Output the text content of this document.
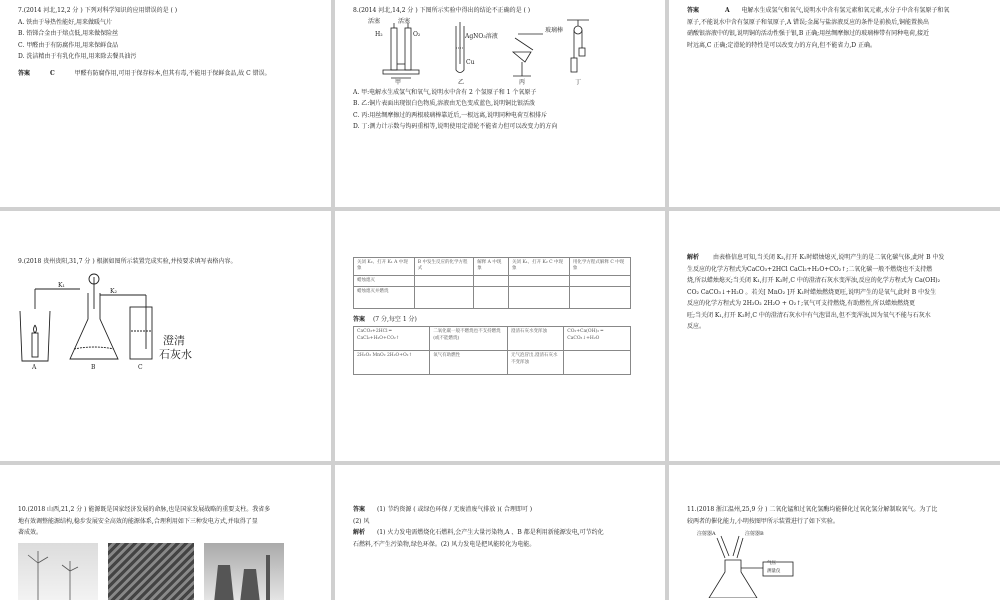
7.(2014 河北,12,2 分 ) 下列对科学知识的应用错误的是 ( )

A. 铁由于导热性能好,用来做暖气片

B. 铅锑合金由于熔点低,用来做保险丝

C. 甲醛由于有防腐作用,用来保鲜食品

D. 洗洁精由于有乳化作用,用来除去餐具油污

答案	C	甲醛有防腐作用,可用于保存标本,但其有毒,不能用于保鲜食品,故 C 错误。

8.(2014 河北,14,2 分 ) 下图所示实验中得出的结论不正确的是 ( )

活塞	活塞
H₂	O₂	AgNO₃溶液
Cu
玻璃棒
甲	乙	丙	丁

A. 甲:电解水生成氢气和氧气,说明水中含有 2 个氢原子和 1 个氧原子

B. 乙:铜片表面出现银白色物质,溶液由无色变成蓝色,说明铜比银活泼

C. 丙:用丝绸摩擦过的两根玻璃棒靠近后,一根远离,说明同种电荷互相排斥

D. 丁:测力计示数与钩码重相等,说明使用定滑轮不能省力但可以改变力的方向

答案	A 电解水生成氢气和氧气,说明水中含有氢元素和氧元素,水分子中含有氢原子和氧

原子,不能说水中含有氢原子和氧原子,A 错误;金属与盐溶液反应的条件是前换后,铜能置换出

硝酸银溶液中的银,说明铜的活动性强于银,B 正确;用丝绸摩擦过的玻璃棒带有同种电荷,接近

时远离,C 正确;定滑轮的特性是可以改变力的方向,但不能省力,D 正确。

9.(2018 贵州贵阳,31,7 分 ) 根据如图所示装置完成实验,并按要求填写表格内容。

K₁
K₂
澄清
石灰水
A	B	C
关闭 K₂、打开 K₁ A 中现象	B 中发生反应的化学方程式	解释 A 中现象	关闭 K₁、打开 K₂ C 中现象	用化学方程式解释 C 中现象
蜡烛熄灭				
蜡烛熄灭并燃烧				

答案 (7 分,每空 1 分)

CaCO₃+2HCl ═ CaCl₂+H₂O+CO₂↑	二氧化碳一般不燃烧也不支持燃烧(或不能燃烧)	澄清石灰水变浑浊	CO₂+Ca(OH)₂ ═ CaCO₃↓+H₂O
2H₂O₂ MnO₂ 2H₂O+O₂↑	氧气有助燃性	无气泡冒出,澄清石灰水不变浑浊	

解析 由表格信息可知,当关闭 K₂,打开 K₁时蜡烛熄灭,说明产生的是二氧化碳气体,此时 B 中发

生反应的化学方程式为CaCO₃+2HCl CaCl₂+H₂O+CO₂↑;二氧化碳一般不燃烧也不支持燃

烧,所以蜡烛熄灭;当关闭 K₁,打开 K₂时,C 中的澄清石灰水变浑浊,反应的化学方程式为 Ca(OH)₂

CO₂ CaCO₃↓+H₂O 。若关[ MnO₂ ]开 K₁时蜡烛燃烧更旺,说明产生的是氧气,此时 B 中发生

反应的化学方程式为 2H₂O₂ 2H₂O + O₂↑;氧气可支持燃烧,有助燃性,所以蜡烛燃烧更

旺;当关闭 K₁,打开 K₂时,C 中的澄清石灰水中有气泡冒出,但不变浑浊,因为氧气不能与石灰水

反应。

10.(2018 山西,21,2 分 ) 能源既是国家经济发展的命脉,也是国家发展战略的重要支柱。我省多

地有效调整能源结构,稳步发展安全高效的能源体系,合理利用如下三种发电方式,并取得了显

著成效。

答案 (1) 节约资源 ( 或绿色环保 / 无废渣废气排放 )( 合理即可 )

(2) 风

解析 (1) 火力发电需燃烧化石燃料,会产生大量污染物,A 、B 都是利用新能源发电,可节约化

石燃料,不产生污染物,绿色环保。(2) 风力发电是把风能转化为电能。

11.(2018 浙江温州,25,9 分 ) 二氧化锰和过氧化氢酶均能催化过氧化氢分解制取氧气。为了比

较两者的催化能力,小明按图甲所示装置进行了如下实验。

注射器A	注射器B
气压
测量仪
